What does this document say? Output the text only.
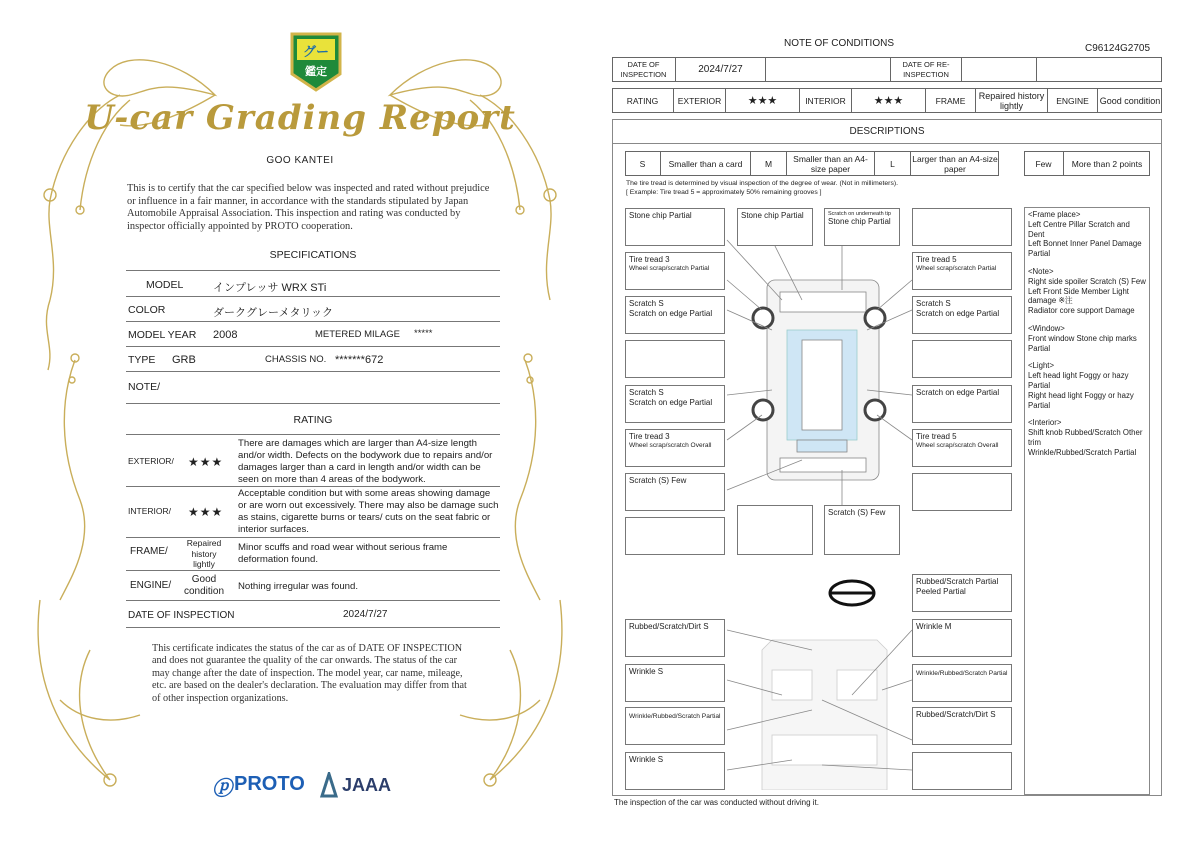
グー
鑑定
U-car Grading Report
GOO KANTEI
This is to certify that the car specified below was inspected and rated without prejudice or influence in a fair manner, in accordance with the standards stipulated by Japan Automobile Appraisal Association. This inspection and rating was conducted by inspector officially appointed by PROTO cooperation.
SPECIFICATIONS
MODEL	インプレッサ WRX STi
COLOR	ダークグレーメタリック
MODEL YEAR 2008	METERED MILAGE *****
TYPE GRB	CHASSIS NO. *******672
NOTE/
RATING
EXTERIOR/ ★★★
There are damages which are larger than A4-size length and/or width. Defects on the bodywork due to repairs and/or damages larger than a card in length and/or width can be seen on more than 4 areas of the bodywork.
INTERIOR/ ★★★
Acceptable condition but with some areas showing damage or are worn out excessively. There may also be damage such as stains, cigarette burns or tears/ cuts on the seat fabric or interior surfaces.
FRAME/
Repaired history lightly
Minor scuffs and road wear without serious frame deformation found.
ENGINE/
Good condition	Nothing irregular was found.
DATE OF INSPECTION	2024/7/27
This certificate indicates the status of the car as of DATE OF INSPECTION and does not guarantee the quality of the car onwards. The status of the car may change after the date of inspection. The model year, car name, mileage, etc. are based on the dealer's declaration. The evaluation may differ from that of other inspection organizations.
ⓟ PROTO JAAA
NOTE OF CONDITIONS	C96124G2705
DATE OF INSPECTION	2024/7/27	DATE OF RE-INSPECTION
RATING	EXTERIOR	★★★	INTERIOR	★★★	FRAME	Repaired history lightly	ENGINE	Good condition
DESCRIPTIONS
S	Smaller than a card	M	Smaller than an A4-size paper	L	Larger than an A4-size paper	Few	More than 2 points
The tire tread is determined by visual inspection of the degree of wear. (Not in millimeters).
[ Example: Tire tread 5 = approximately 50% remaining grooves ]
Stone chip Partial	Stone chip Partial	Scratch on underneath tip
Stone chip Partial
Tire tread 3
Wheel scrap/scratch Partial
Tire tread 5
Wheel scrap/scratch Partial
Scratch S
Scratch on edge Partial
Scratch S
Scratch on edge Partial
Scratch S
Scratch on edge Partial
Scratch on edge Partial
Tire tread 3
Wheel scrap/scratch Overall
Tire tread 5
Wheel scrap/scratch Overall
Scratch (S) Few
Scratch (S) Few
Rubbed/Scratch Partial
Peeled Partial
Rubbed/Scratch/Dirt S	Wrinkle M
Wrinkle S	Wrinkle/Rubbed/Scratch Partial
Wrinkle/Rubbed/Scratch Partial	Rubbed/Scratch/Dirt S
Wrinkle S
<Frame place>
Left Centre Pillar Scratch and Dent
Left Bonnet Inner Panel Damage Partial
<Note>
Right side spoiler Scratch (S) Few
Left Front Side Member Light damage ※注
Radiator core support Damage
<Window>
Front window Stone chip marks Partial
<Light>
Left head light Foggy or hazy Partial
Right head light Foggy or hazy Partial
<Interior>
Shift knob Rubbed/Scratch Other trim
Wrinkle/Rubbed/Scratch Partial
The inspection of the car was conducted without driving it.
